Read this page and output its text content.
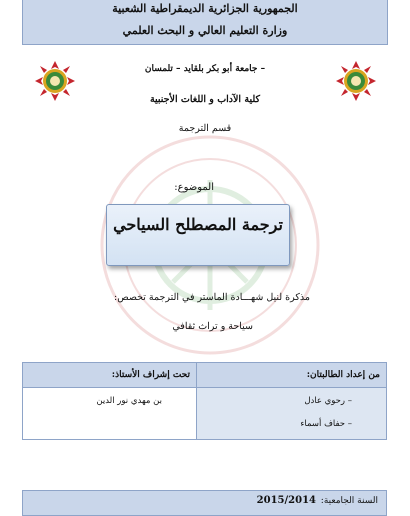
الجمهورية الجزائرية الديمقراطية الشعبية
وزارة التعليم العالي و البحث العلمي
جامعة أبو بكر بلقايد – تلمسان –
كلية الآداب و اللغات الأجنبية
قسم الترجمة
الموضوع:
ترجمة المصطلح السياحي
مذكرة لنيل شهـــادة الماستر في الترجمة تخصص:
سياحة و تراث ثقافي
من إعداد الطالبتان:
تحت إشراف الأستاذ:
– رحوي عادل
– حفاف أسماء
بن مهدي نور الدين
السنة الجامعية:
2015/2014
